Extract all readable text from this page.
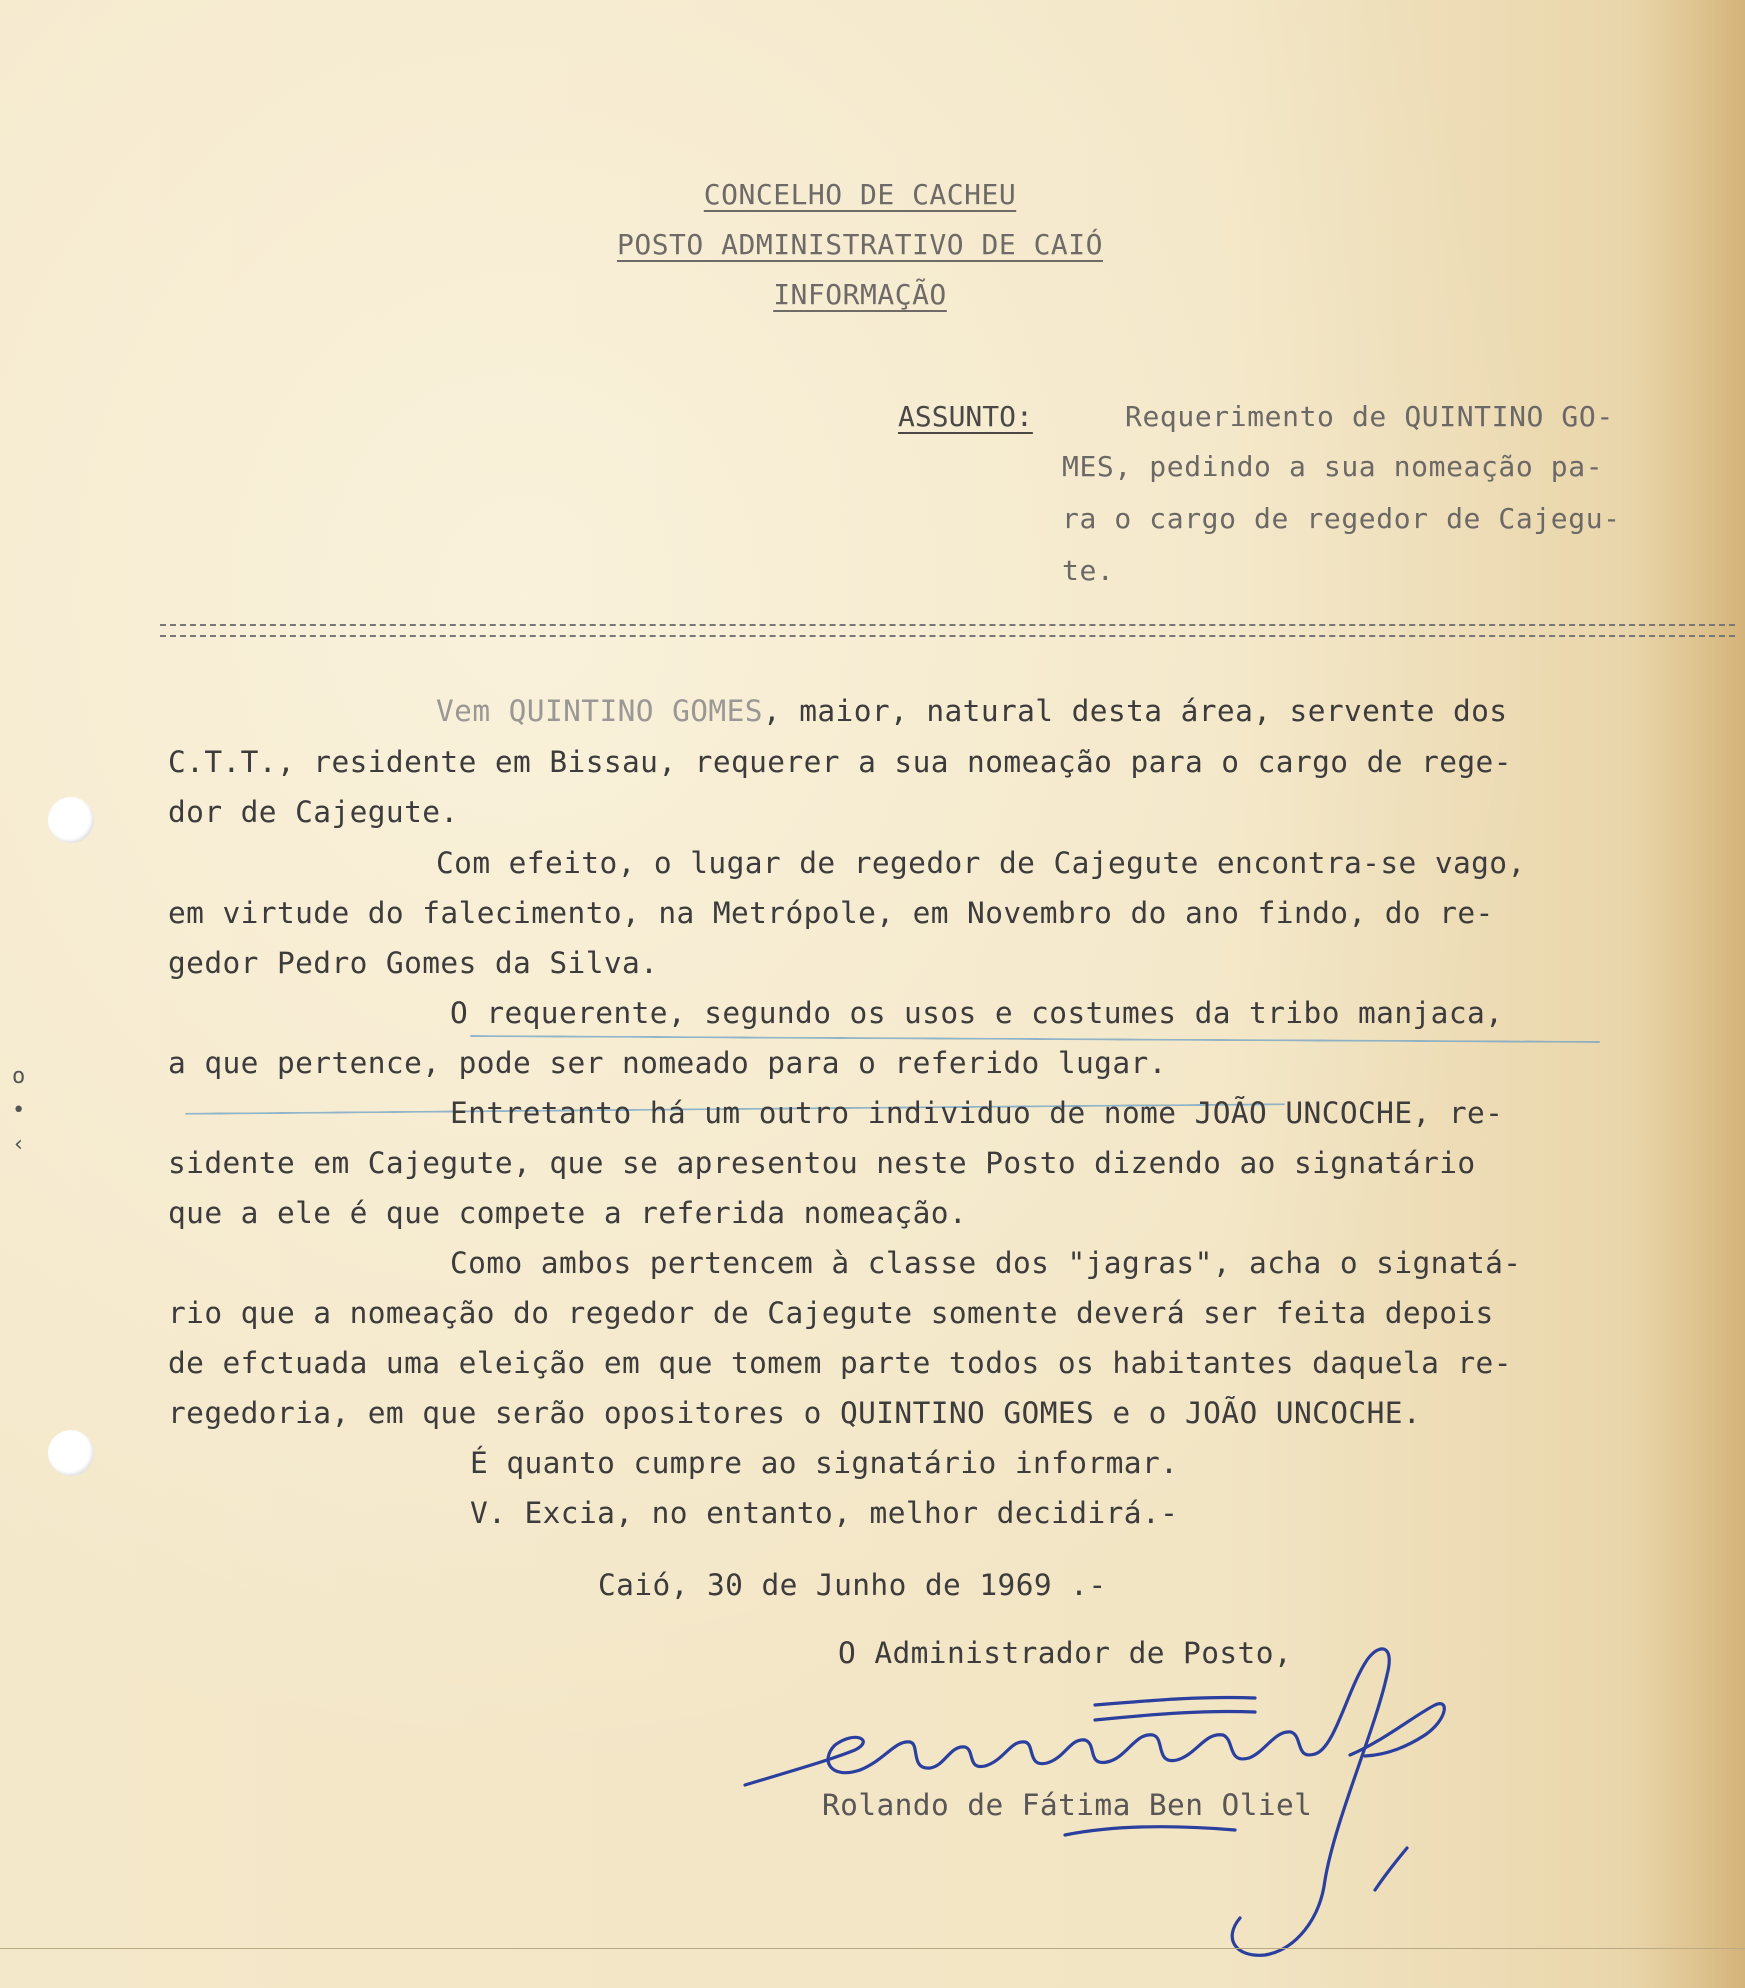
o
•
‹
CONCELHO DE CACHEU
POSTO ADMINISTRATIVO DE CAIÓ
INFORMAÇÃO
ASSUNTO:	Requerimento de QUINTINO GO-
MES, pedindo a sua nomeação pa-
ra o cargo de regedor de Cajegu-
te.
Vem QUINTINO GOMES, maior, natural desta área, servente dos
C.T.T., residente em Bissau, requerer a sua nomeação para o cargo de rege-
dor de Cajegute.
Com efeito, o lugar de regedor de Cajegute encontra-se vago,
em virtude do falecimento, na Metrópole, em Novembro do ano findo, do re-
gedor Pedro Gomes da Silva.
O requerente, segundo os usos e costumes da tribo manjaca,
a que pertence, pode ser nomeado para o referido lugar.
Entretanto há um outro individuo de nome JOÃO UNCOCHE, re-
sidente em Cajegute, que se apresentou neste Posto dizendo ao signatário
que a ele é que compete a referida nomeação.
Como ambos pertencem à classe dos "jagras", acha o signatá-
rio que a nomeação do regedor de Cajegute somente deverá ser feita depois
de efctuada uma eleição em que tomem parte todos os habitantes daquela re-
regedoria, em que serão opositores o QUINTINO GOMES e o JOÃO UNCOCHE.
É quanto cumpre ao signatário informar.
V. Excia, no entanto, melhor decidirá.-
Caió, 30 de Junho de 1969 .-
O Administrador de Posto,
Rolando de Fátima Ben Oliel
